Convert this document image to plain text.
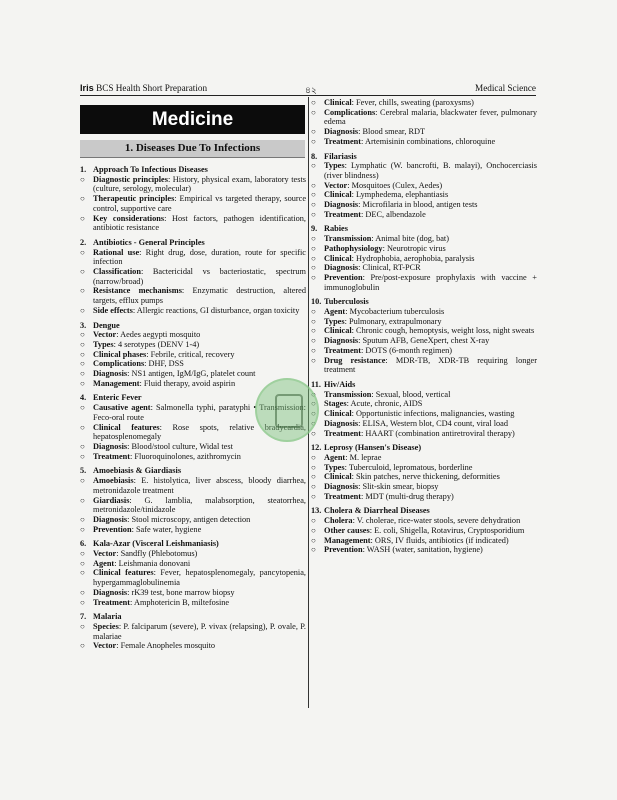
Iris BCS Health Short Preparation	৪২	Medical Science
Medicine
1. Diseases Due To Infections
1. Approach To Infectious Diseases
○ Diagnostic principles: History, physical exam, laboratory tests (culture, serology, molecular)
○ Therapeutic principles: Empirical vs targeted therapy, source control, supportive care
○ Key considerations: Host factors, pathogen identification, antibiotic resistance
2. Antibiotics - General Principles
○ Rational use: Right drug, dose, duration, route for specific infection
○ Classification: Bactericidal vs bacteriostatic, spectrum (narrow/broad)
○ Resistance mechanisms: Enzymatic destruction, altered targets, efflux pumps
○ Side effects: Allergic reactions, GI disturbance, organ toxicity
3. Dengue
○ Vector: Aedes aegypti mosquito
○ Types: 4 serotypes (DENV 1-4)
○ Clinical phases: Febrile, critical, recovery
○ Complications: DHF, DSS
○ Diagnosis: NS1 antigen, IgM/IgG, platelet count
○ Management: Fluid therapy, avoid aspirin
4. Enteric Fever
○ Causative agent: Salmonella typhi, paratyphi • Transmission: Feco-oral route
○ Clinical features: Rose spots, relative bradycardia, hepatosplenomegaly
○ Diagnosis: Blood/stool culture, Widal test
○ Treatment: Fluoroquinolones, azithromycin
5. Amoebiasis & Giardiasis
○ Amoebiasis: E. histolytica, liver abscess, bloody diarrhea, metronidazole treatment
○ Giardiasis: G. lamblia, malabsorption, steatorrhea, metronidazole/tinidazole
○ Diagnosis: Stool microscopy, antigen detection
○ Prevention: Safe water, hygiene
6. Kala-Azar (Visceral Leishmaniasis)
○ Vector: Sandfly (Phlebotomus)
○ Agent: Leishmania donovani
○ Clinical features: Fever, hepatosplenomegaly, pancytopenia, hypergammaglobulinemia
○ Diagnosis: rK39 test, bone marrow biopsy
○ Treatment: Amphotericin B, miltefosine
7. Malaria
○ Species: P. falciparum (severe), P. vivax (relapsing), P. ovale, P. malariae
○ Vector: Female Anopheles mosquito
○ Clinical: Fever, chills, sweating (paroxysms)
○ Complications: Cerebral malaria, blackwater fever, pulmonary edema
○ Diagnosis: Blood smear, RDT
○ Treatment: Artemisinin combinations, chloroquine
8. Filariasis
○ Types: Lymphatic (W. bancrofti, B. malayi), Onchocerciasis (river blindness)
○ Vector: Mosquitoes (Culex, Aedes)
○ Clinical: Lymphedema, elephantiasis
○ Diagnosis: Microfilaria in blood, antigen tests
○ Treatment: DEC, albendazole
9. Rabies
○ Transmission: Animal bite (dog, bat)
○ Pathophysiology: Neurotropic virus
○ Clinical: Hydrophobia, aerophobia, paralysis
○ Diagnosis: Clinical, RT-PCR
○ Prevention: Pre/post-exposure prophylaxis with vaccine + immunoglobulin
10. Tuberculosis
○ Agent: Mycobacterium tuberculosis
○ Types: Pulmonary, extrapulmonary
○ Clinical: Chronic cough, hemoptysis, weight loss, night sweats
○ Diagnosis: Sputum AFB, GeneXpert, chest X-ray
○ Treatment: DOTS (6-month regimen)
○ Drug resistance: MDR-TB, XDR-TB requiring longer treatment
11. Hiv/Aids
○ Transmission: Sexual, blood, vertical
○ Stages: Acute, chronic, AIDS
○ Clinical: Opportunistic infections, malignancies, wasting
○ Diagnosis: ELISA, Western blot, CD4 count, viral load
○ Treatment: HAART (combination antiretroviral therapy)
12. Leprosy (Hansen's Disease)
○ Agent: M. leprae
○ Types: Tuberculoid, lepromatous, borderline
○ Clinical: Skin patches, nerve thickening, deformities
○ Diagnosis: Slit-skin smear, biopsy
○ Treatment: MDT (multi-drug therapy)
13. Cholera & Diarrheal Diseases
○ Cholera: V. cholerae, rice-water stools, severe dehydration
○ Other causes: E. coli, Shigella, Rotavirus, Cryptosporidium
○ Management: ORS, IV fluids, antibiotics (if indicated)
○ Prevention: WASH (water, sanitation, hygiene)
